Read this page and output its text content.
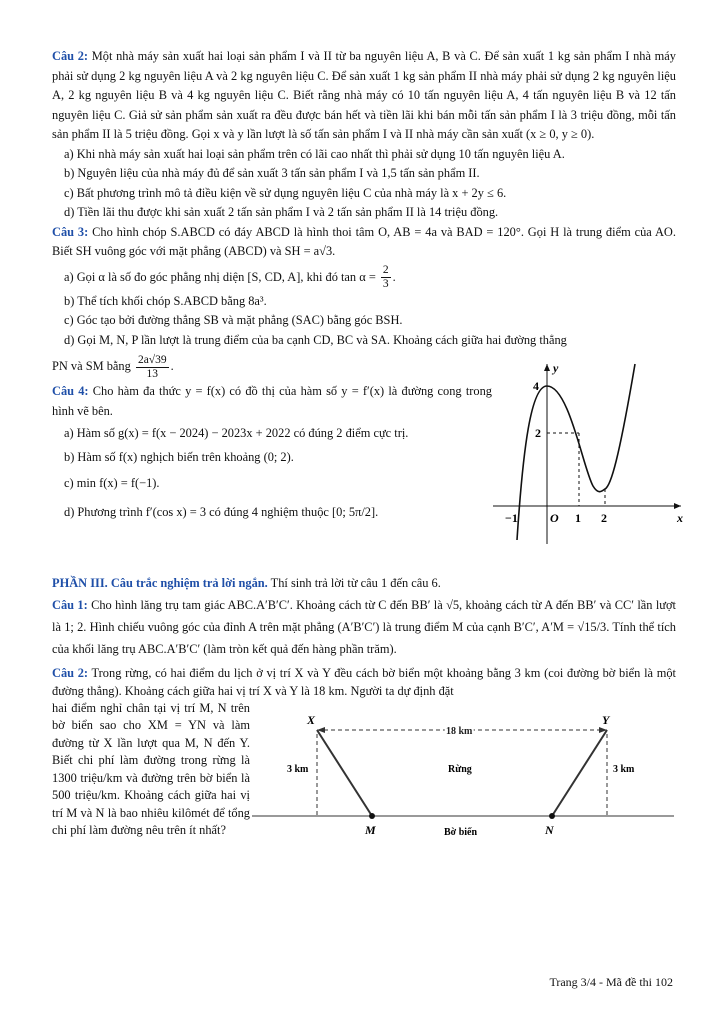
Câu 2: Một nhà máy sản xuất hai loại sản phẩm I và II từ ba nguyên liệu A, B và C. Để sản xuất 1 kg sản phẩm I nhà máy phải sử dụng 2 kg nguyên liệu A và 2 kg nguyên liệu C. Để sản xuất 1 kg sản phẩm II nhà máy phải sử dụng 2 kg nguyên liệu A, 2 kg nguyên liệu B và 4 kg nguyên liệu C. Biết rằng nhà máy có 10 tấn nguyên liệu A, 4 tấn nguyên liệu B và 12 tấn nguyên liệu C. Giả sử sản phẩm sản xuất ra đều được bán hết và tiền lãi khi bán mỗi tấn sản phẩm I là 3 triệu đồng, mỗi tấn sản phẩm II là 5 triệu đồng. Gọi x và y lần lượt là số tấn sản phẩm I và II nhà máy cần sản xuất (x ≥ 0, y ≥ 0).

a) Khi nhà máy sản xuất hai loại sản phẩm trên có lãi cao nhất thì phải sử dụng 10 tấn nguyên liệu A.

b) Nguyên liệu của nhà máy đủ để sản xuất 3 tấn sản phẩm I và 1,5 tấn sản phẩm II.

c) Bất phương trình mô tả điều kiện về sử dụng nguyên liệu C của nhà máy là x + 2y ≤ 6.

d) Tiền lãi thu được khi sản xuất 2 tấn sản phẩm I và 2 tấn sản phẩm II là 14 triệu đồng.

Câu 3: Cho hình chóp S.ABCD có đáy ABCD là hình thoi tâm O, AB = 4a và BAD = 120°. Gọi H là trung điểm của AO. Biết SH vuông góc với mặt phẳng (ABCD) và SH = a√3.

a) Gọi α là số đo góc phẳng nhị diện [S, CD, A], khi đó $\tan \alpha = \frac{2}{3}$ .

b) Thể tích khối chóp S.ABCD bằng 8a³.

c) Góc tạo bởi đường thẳng SB và mặt phẳng (SAC) bằng góc BSH.

d) Gọi M, N, P lần lượt là trung điểm của ba cạnh CD, BC và SA. Khoảng cách giữa hai đường thẳng

PN và SM bằng $\frac{2a√39}{13}$ .

Câu 4: Cho hàm đa thức y = f(x) có đồ thị của hàm số y = f′(x) là đường cong trong hình vẽ bên.

a) Hàm số g(x) = f(x − 2024) − 2023x + 2022 có đúng 2 điểm cực trị.

b) Hàm số f(x) nghịch biến trên khoảng (0; 2).

c) min f(x) = f(−1).

d) Phương trình f′(cos x) = 3 có đúng 4 nghiệm thuộc [0; 5π/2].

y
x
4
2
−1	O 1 2

PHẦN III. Câu trắc nghiệm trả lời ngắn. Thí sinh trả lời từ câu 1 đến câu 6.

Câu 1: Cho hình lăng trụ tam giác ABC.A′B′C′. Khoảng cách từ C đến BB′ là √5, khoảng cách từ A đến BB′ và CC′ lần lượt là 1; 2. Hình chiếu vuông góc của đỉnh A trên mặt phẳng (A′B′C′) là trung điểm M của cạnh B′C′, A′M = √15/3. Tính thể tích của khối lăng trụ ABC.A′B′C′ (làm tròn kết quả đến hàng phần trăm).

Câu 2: Trong rừng, có hai điểm du lịch ở vị trí X và Y đều cách bờ biển một khoảng bằng 3 km (coi đường bờ biển là một đường thẳng). Khoảng cách giữa hai vị trí X và Y là 18 km. Người ta dự định đặt

hai điểm nghỉ chân tại vị trí M, N trên bờ biển sao cho XM = YN và làm đường từ X lần lượt qua M, N đến Y. Biết chi phí làm đường trong rừng là 1300 triệu/km và đường trên bờ biển là 500 triệu/km. Khoảng cách giữa hai vị trí M và N là bao nhiêu kilômét để tổng chi phí làm đường nêu trên ít nhất?

X	Y
M	N
18 km
3 km	3 km
Rừng
Bờ biển
Trang 3/4 - Mã đề thi 102
